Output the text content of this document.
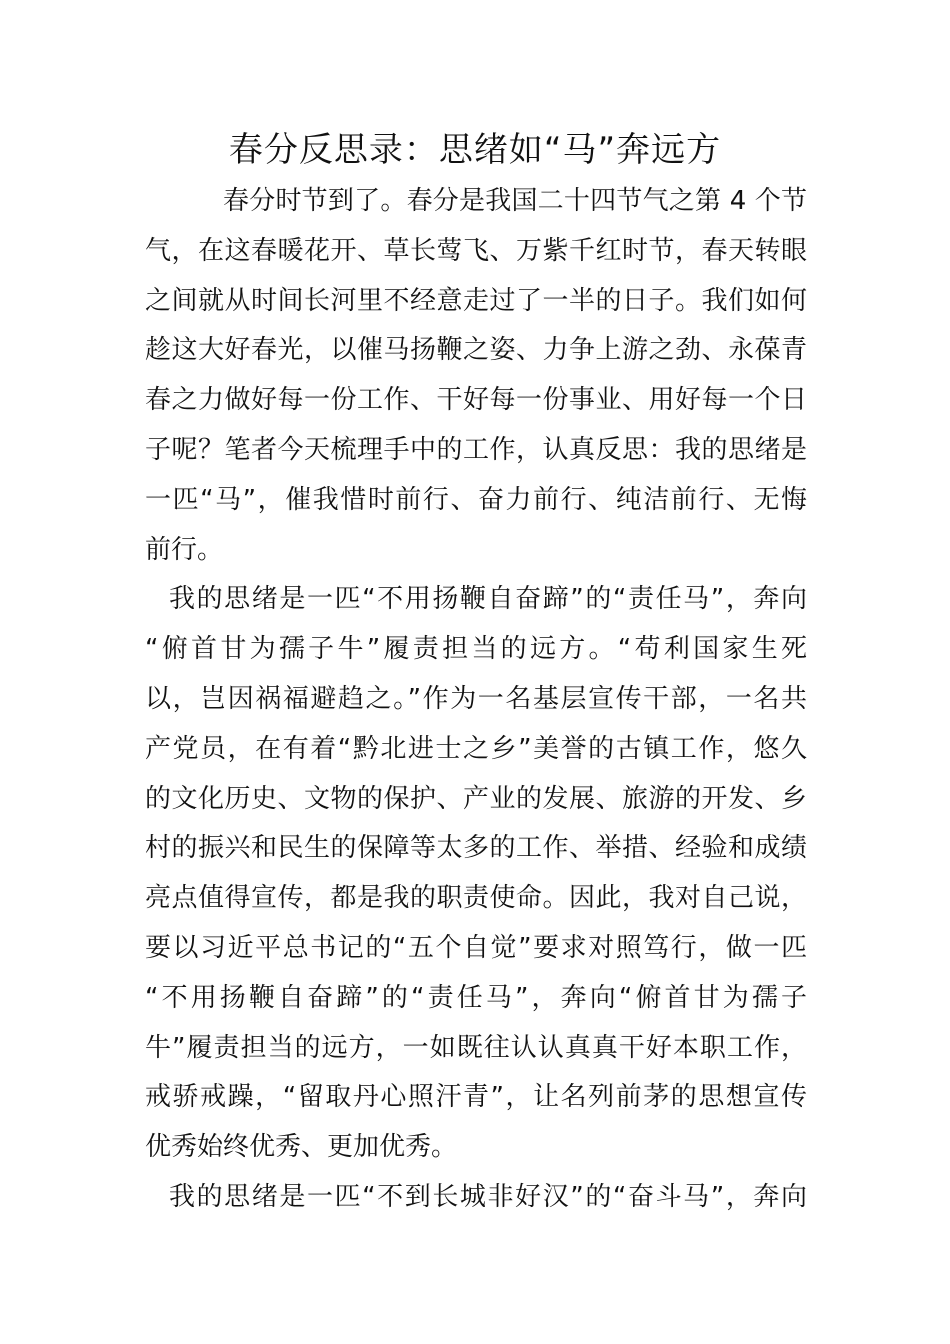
春分反思录：思绪如“马”奔远方
春分时节到了。春分是我国二十四节气之第 4 个节
气，在这春暖花开、草长莺飞、万紫千红时节，春天转眼
之间就从时间长河里不经意走过了一半的日子。我们如何
趁这大好春光，以催马扬鞭之姿、力争上游之劲、永葆青
春之力做好每一份工作、干好每一份事业、用好每一个日
子呢？笔者今天梳理手中的工作，认真反思：我的思绪是
一匹“马”，催我惜时前行、奋力前行、纯洁前行、无悔
前行。
我的思绪是一匹“不用扬鞭自奋蹄”的“责任马”，奔向
“俯首甘为孺子牛”履责担当的远方。“苟利国家生死
以，岂因祸福避趋之。”作为一名基层宣传干部，一名共
产党员，在有着“黔北进士之乡”美誉的古镇工作，悠久
的文化历史、文物的保护、产业的发展、旅游的开发、乡
村的振兴和民生的保障等太多的工作、举措、经验和成绩
亮点值得宣传，都是我的职责使命。因此，我对自己说，
要以习近平总书记的“五个自觉”要求对照笃行，做一匹
“不用扬鞭自奋蹄”的“责任马”，奔向“俯首甘为孺子
牛”履责担当的远方，一如既往认认真真干好本职工作，
戒骄戒躁，“留取丹心照汗青”，让名列前茅的思想宣传
优秀始终优秀、更加优秀。
我的思绪是一匹“不到长城非好汉”的“奋斗马”，奔向
